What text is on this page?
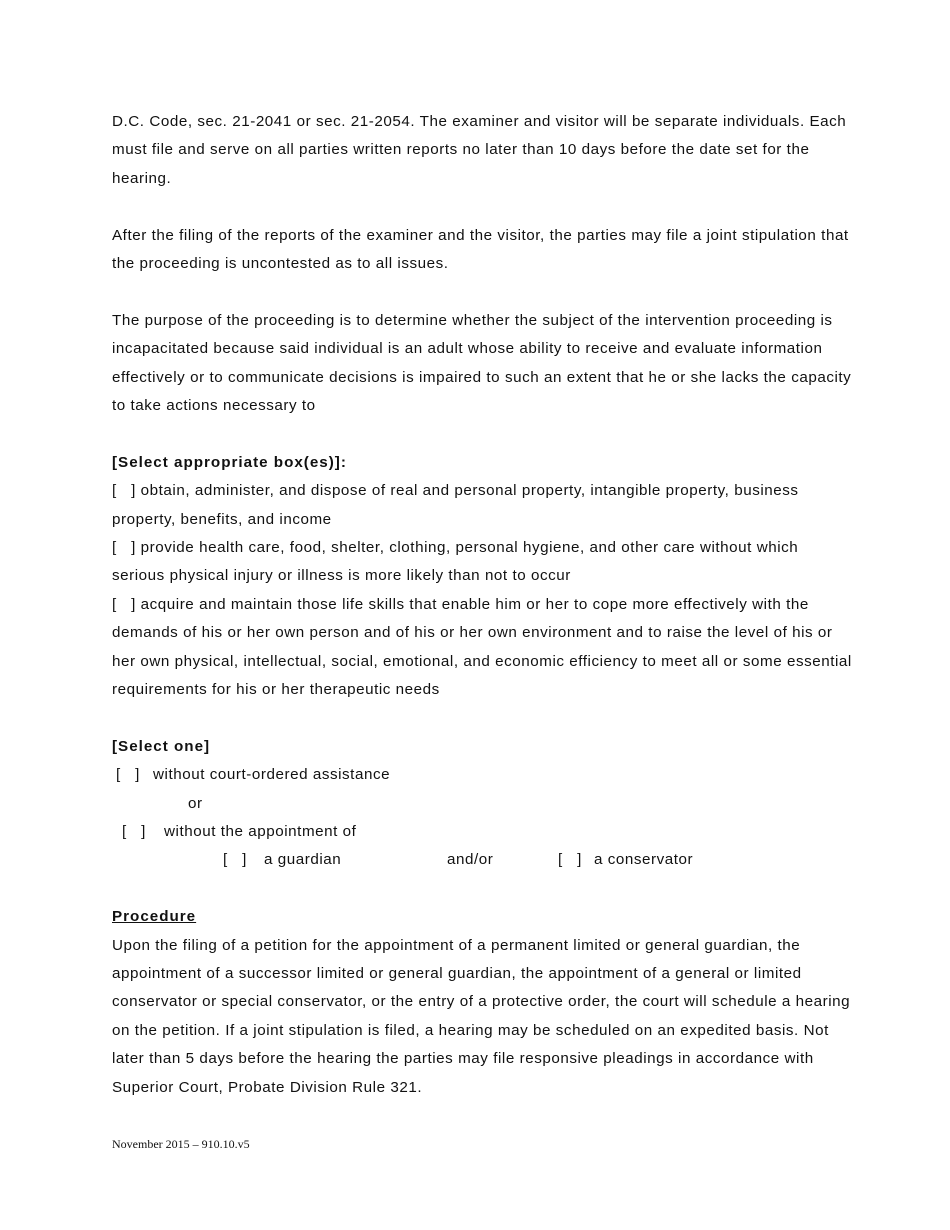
D.C. Code, sec. 21-2041 or sec. 21-2054. The examiner and visitor will be separate individuals. Each must file and serve on all parties written reports no later than 10 days before the date set for the hearing.

After the filing of the reports of the examiner and the visitor, the parties may file a joint stipulation that the proceeding is uncontested as to all issues.

The purpose of the proceeding is to determine whether the subject of the intervention proceeding is incapacitated because said individual is an adult whose ability to receive and evaluate information effectively or to communicate decisions is impaired to such an extent that he or she lacks the capacity to take actions necessary to

[Select appropriate box(es)]:

[   ] obtain, administer, and dispose of real and personal property, intangible property, business property, benefits, and income

[   ] provide health care, food, shelter, clothing, personal hygiene, and other care without which serious physical injury or illness is more likely than not to occur

[   ] acquire and maintain those life skills that enable him or her to cope more effectively with the demands of his or her own person and of his or her own environment and to raise the level of his or her own physical, intellectual, social, emotional, and economic efficiency to meet all or some essential requirements for his or her therapeutic needs

[Select one]

[   ]

without court-ordered assistance

or

[   ]

without the appointment of

[   ]

a guardian

	and/or

	[   ]

a conservator

Procedure

Upon the filing of a petition for the appointment of a permanent limited or general guardian, the appointment of a successor limited or general guardian, the appointment of a general or limited conservator or special conservator, or the entry of a protective order, the court will schedule a hearing on the petition. If a joint stipulation is filed, a hearing may be scheduled on an expedited basis. Not later than 5 days before the hearing the parties may file responsive pleadings in accordance with Superior Court, Probate Division Rule 321.

November 2015 – 910.10.v5
